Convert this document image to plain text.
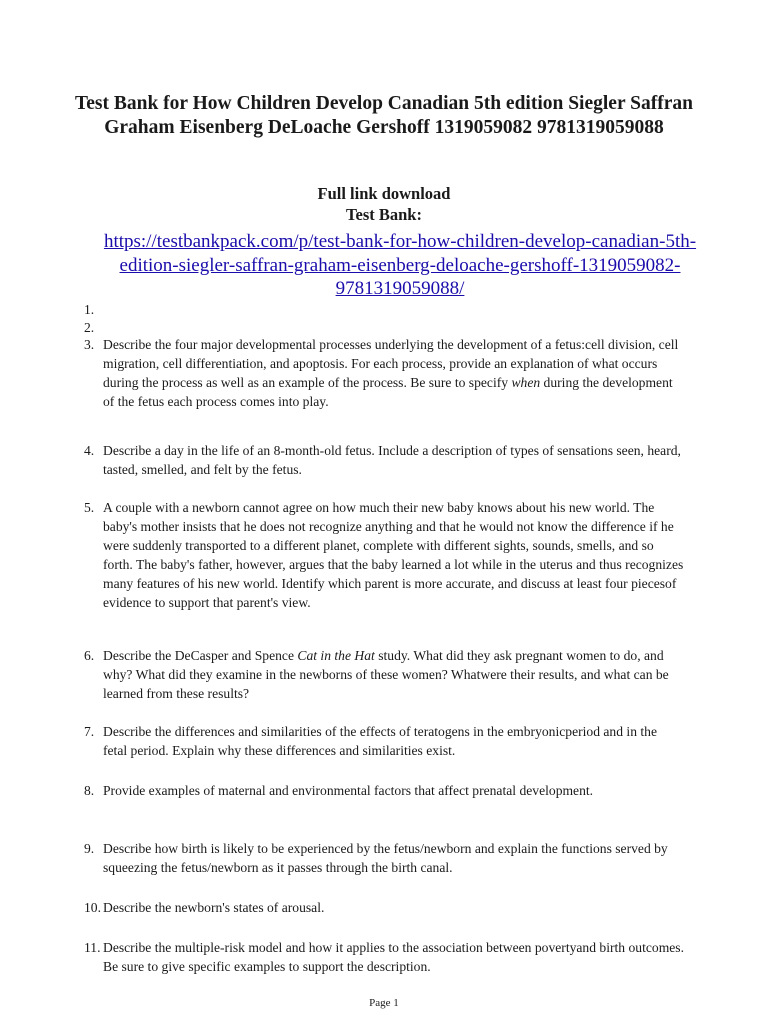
Test Bank for How Children Develop Canadian 5th edition Siegler Saffran Graham Eisenberg DeLoache Gershoff 1319059082 9781319059088
Full link download
Test Bank:
https://testbankpack.com/p/test-bank-for-how-children-develop-canadian-5th-edition-siegler-saffran-graham-eisenberg-deloache-gershoff-1319059082-9781319059088/
1.
2.
3. Describe the four major developmental processes underlying the development of a fetus:cell division, cell migration, cell differentiation, and apoptosis. For each process, provide an explanation of what occurs during the process as well as an example of the process. Be sure to specify when during the development of the fetus each process comes into play.
4. Describe a day in the life of an 8-month-old fetus. Include a description of types of sensations seen, heard, tasted, smelled, and felt by the fetus.
5. A couple with a newborn cannot agree on how much their new baby knows about his new world. The baby's mother insists that he does not recognize anything and that he would not know the difference if he were suddenly transported to a different planet, complete with different sights, sounds, smells, and so forth. The baby's father, however, argues that the baby learned a lot while in the uterus and thus recognizes many features of his new world. Identify which parent is more accurate, and discuss at least four piecesof evidence to support that parent's view.
6. Describe the DeCasper and Spence Cat in the Hat study. What did they ask pregnant women to do, and why? What did they examine in the newborns of these women? Whatwere their results, and what can be learned from these results?
7. Describe the differences and similarities of the effects of teratogens in the embryonicperiod and in the fetal period. Explain why these differences and similarities exist.
8. Provide examples of maternal and environmental factors that affect prenatal development.
9. Describe how birth is likely to be experienced by the fetus/newborn and explain the functions served by squeezing the fetus/newborn as it passes through the birth canal.
10. Describe the newborn's states of arousal.
11. Describe the multiple-risk model and how it applies to the association between povertyand birth outcomes. Be sure to give specific examples to support the description.
Page 1
